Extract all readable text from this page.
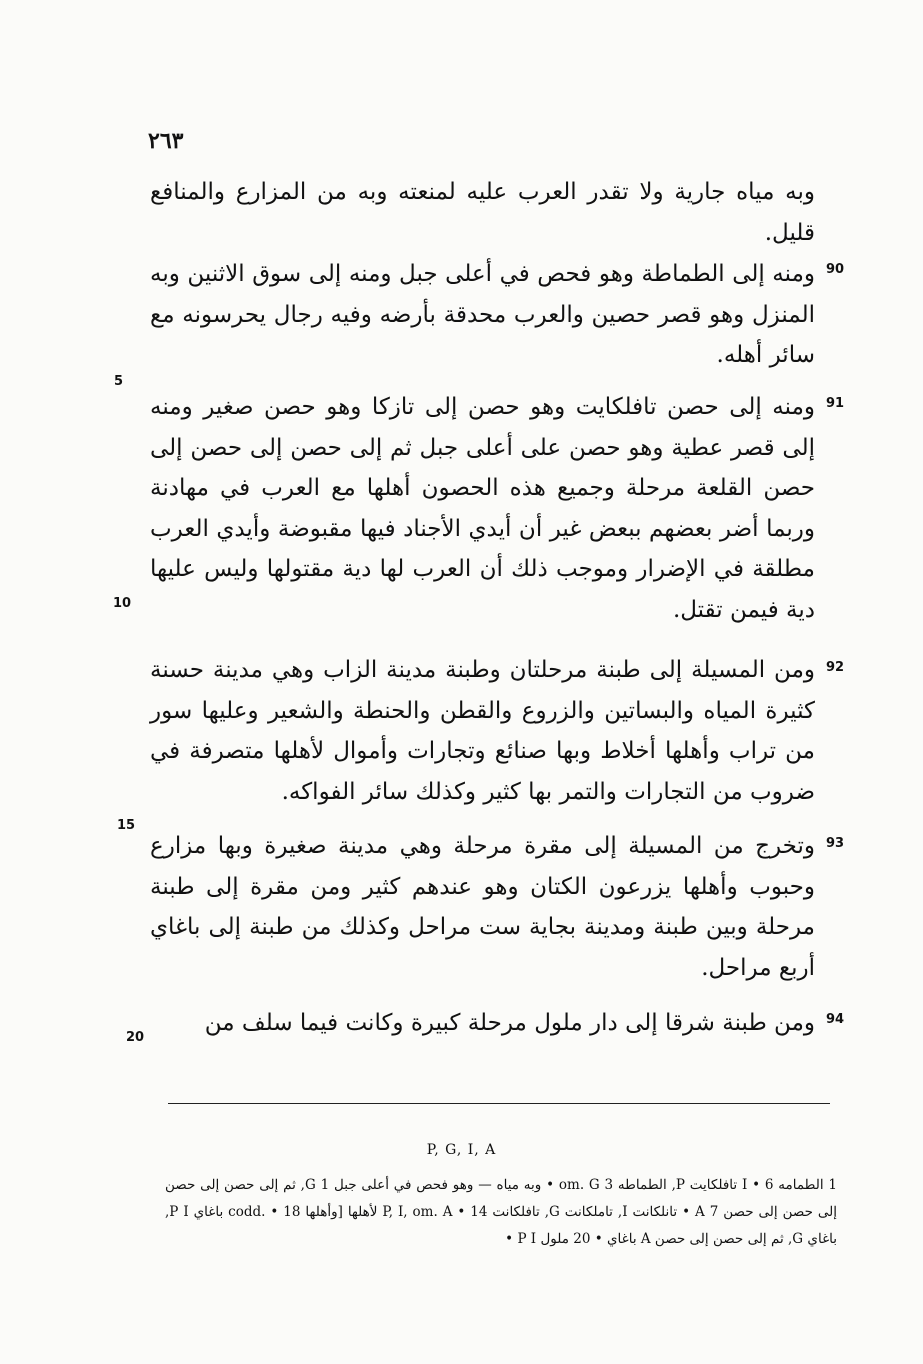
٢٦٣

وبه مياه جارية ولا تقدر العرب عليه لمنعته وبه من المزارع والمنافع قليل.

90

ومنه إلى الطماطة وهو فحص في أعلى جبل ومنه إلى سوق الاثنين وبه المنزل وهو قصر حصين والعرب محدقة بأرضه وفيه رجال يحرسونه مع سائر أهله.

91

ومنه إلى حصن تافلكايت وهو حصن إلى تازكا وهو حصن صغير ومنه إلى قصر عطية وهو حصن على أعلى جبل ثم إلى حصن إلى حصن إلى حصن القلعة مرحلة وجميع هذه الحصون أهلها مع العرب في مهادنة وربما أضر بعضهم ببعض غير أن أيدي الأجناد فيها مقبوضة وأيدي العرب مطلقة في الإضرار وموجب ذلك أن العرب لها دية مقتولها وليس عليها دية فيمن تقتل.

92

ومن المسيلة إلى طبنة مرحلتان وطبنة مدينة الزاب وهي مدينة حسنة كثيرة المياه والبساتين والزروع والقطن والحنطة والشعير وعليها سور من تراب وأهلها أخلاط وبها صنائع وتجارات وأموال لأهلها متصرفة في ضروب من التجارات والتمر بها كثير وكذلك سائر الفواكه.

93

وتخرج من المسيلة إلى مقرة مرحلة وهي مدينة صغيرة وبها مزارع وحبوب وأهلها يزرعون الكتان وهو عندهم كثير ومن مقرة إلى طبنة مرحلة وبين طبنة ومدينة بجاية ست مراحل وكذلك من طبنة إلى باغاي أربع مراحل.

94

ومن طبنة شرقا إلى دار ملول مرحلة كبيرة وكانت فيما سلف من

5
10
15
20
P, G, I, A

1 الطمامه I • 6 تافلكايت P, الطماطه 3 om. G • وبه مياه — وهو فحص في أعلى جبل 1 G, ثم إلى حصن إلى حصن إلى حصن إلى حصن 7 A • تانلكانت I, تاملكانت G, تافلكانت P, I, om. A • 14 لأهلها [وأهلها codd. • 18 باغاي P I, باغاي G, ثم إلى حصن إلى حصن A باغاي • 20 ملول P I •
